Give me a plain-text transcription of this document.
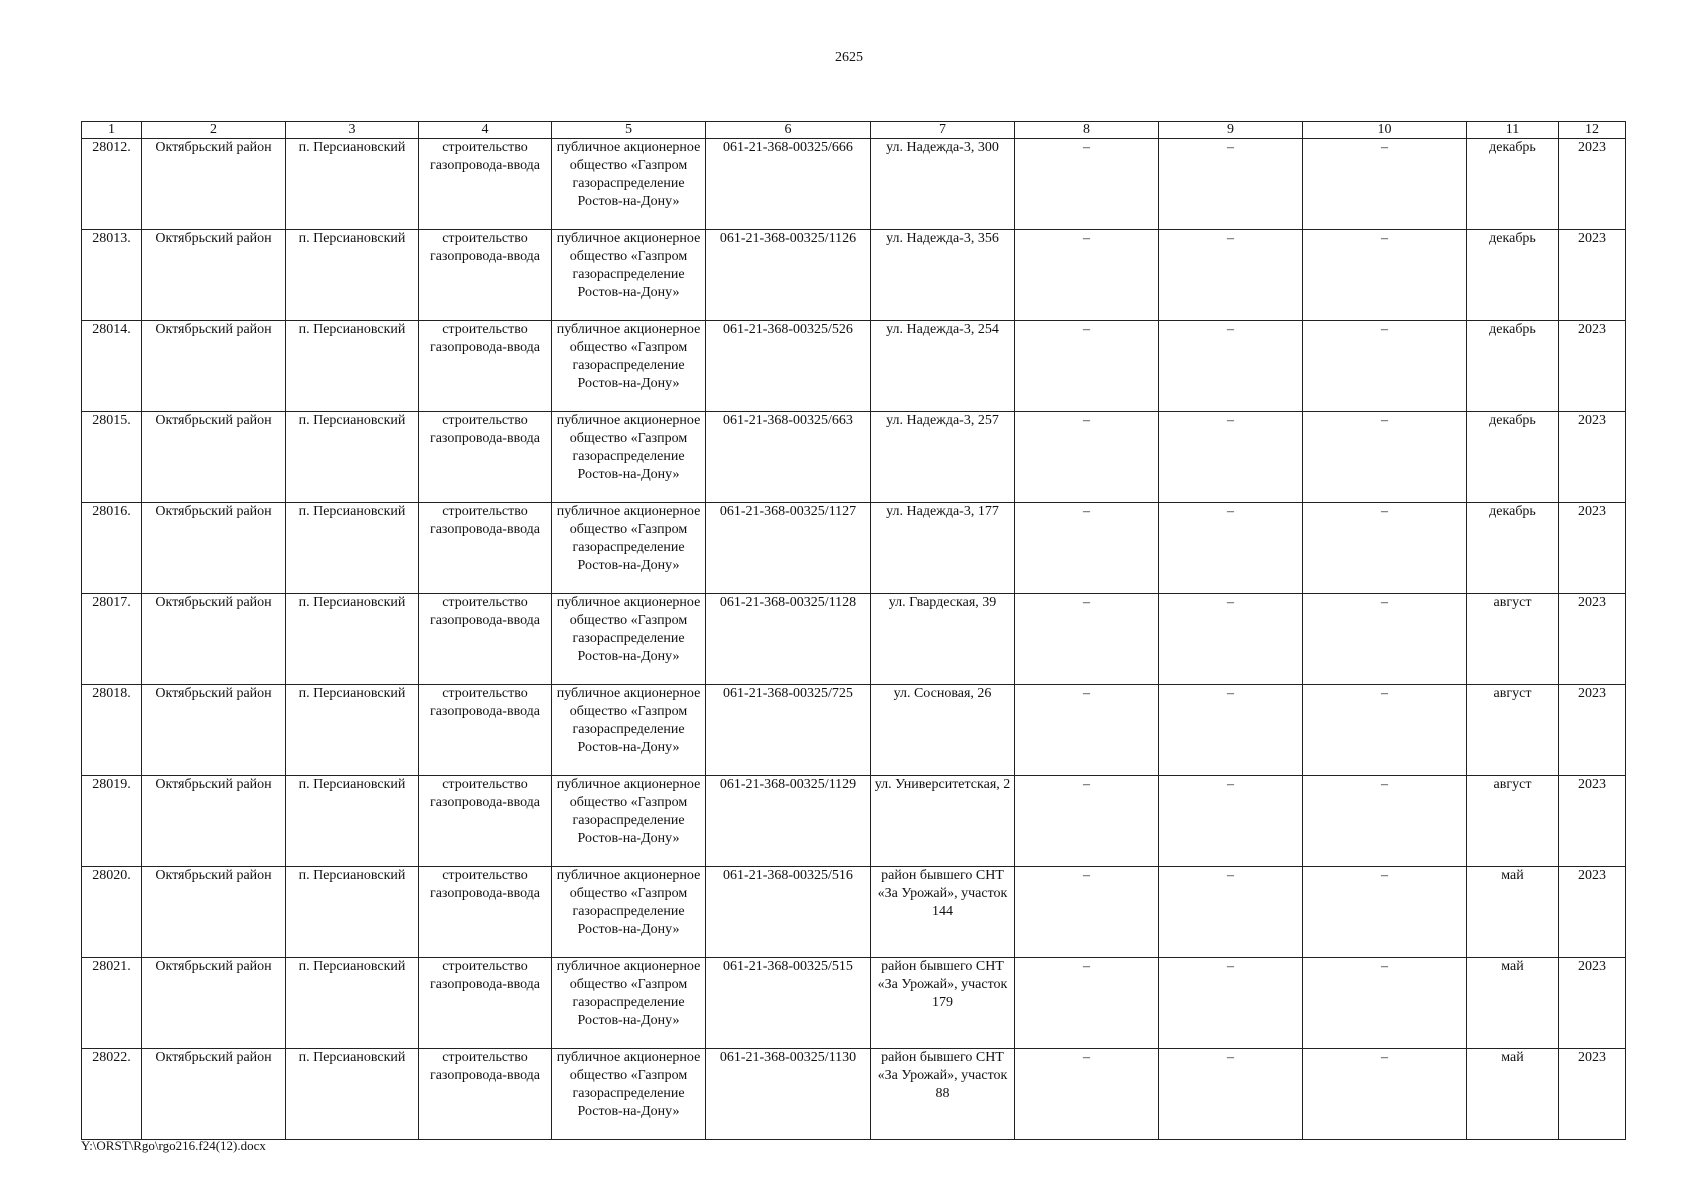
2625
1	2	3	4	5	6	7	8	9	10	11	12
28012.	Октябрьский район	п. Персиановский	строительство газопровода-ввода	публичное акционерное общество «Газпром газораспределение Ростов-на-Дону»	061-21-368-00325/666	ул. Надежда-3, 300	–	–	–	декабрь	2023
28013.	Октябрьский район	п. Персиановский	строительство газопровода-ввода	публичное акционерное общество «Газпром газораспределение Ростов-на-Дону»	061-21-368-00325/1126	ул. Надежда-3, 356	–	–	–	декабрь	2023
28014.	Октябрьский район	п. Персиановский	строительство газопровода-ввода	публичное акционерное общество «Газпром газораспределение Ростов-на-Дону»	061-21-368-00325/526	ул. Надежда-3, 254	–	–	–	декабрь	2023
28015.	Октябрьский район	п. Персиановский	строительство газопровода-ввода	публичное акционерное общество «Газпром газораспределение Ростов-на-Дону»	061-21-368-00325/663	ул. Надежда-3, 257	–	–	–	декабрь	2023
28016.	Октябрьский район	п. Персиановский	строительство газопровода-ввода	публичное акционерное общество «Газпром газораспределение Ростов-на-Дону»	061-21-368-00325/1127	ул. Надежда-3, 177	–	–	–	декабрь	2023
28017.	Октябрьский район	п. Персиановский	строительство газопровода-ввода	публичное акционерное общество «Газпром газораспределение Ростов-на-Дону»	061-21-368-00325/1128	ул. Гвардеская, 39	–	–	–	август	2023
28018.	Октябрьский район	п. Персиановский	строительство газопровода-ввода	публичное акционерное общество «Газпром газораспределение Ростов-на-Дону»	061-21-368-00325/725	ул. Сосновая, 26	–	–	–	август	2023
28019.	Октябрьский район	п. Персиановский	строительство газопровода-ввода	публичное акционерное общество «Газпром газораспределение Ростов-на-Дону»	061-21-368-00325/1129	ул. Университетская, 2	–	–	–	август	2023
28020.	Октябрьский район	п. Персиановский	строительство газопровода-ввода	публичное акционерное общество «Газпром газораспределение Ростов-на-Дону»	061-21-368-00325/516	район бывшего СНТ «За Урожай», участок 144	–	–	–	май	2023
28021.	Октябрьский район	п. Персиановский	строительство газопровода-ввода	публичное акционерное общество «Газпром газораспределение Ростов-на-Дону»	061-21-368-00325/515	район бывшего СНТ «За Урожай», участок 179	–	–	–	май	2023
28022.	Октябрьский район	п. Персиановский	строительство газопровода-ввода	публичное акционерное общество «Газпром газораспределение Ростов-на-Дону»	061-21-368-00325/1130	район бывшего СНТ «За Урожай», участок 88	–	–	–	май	2023
Y:\ORST\Rgo\rgo216.f24(12).docx
